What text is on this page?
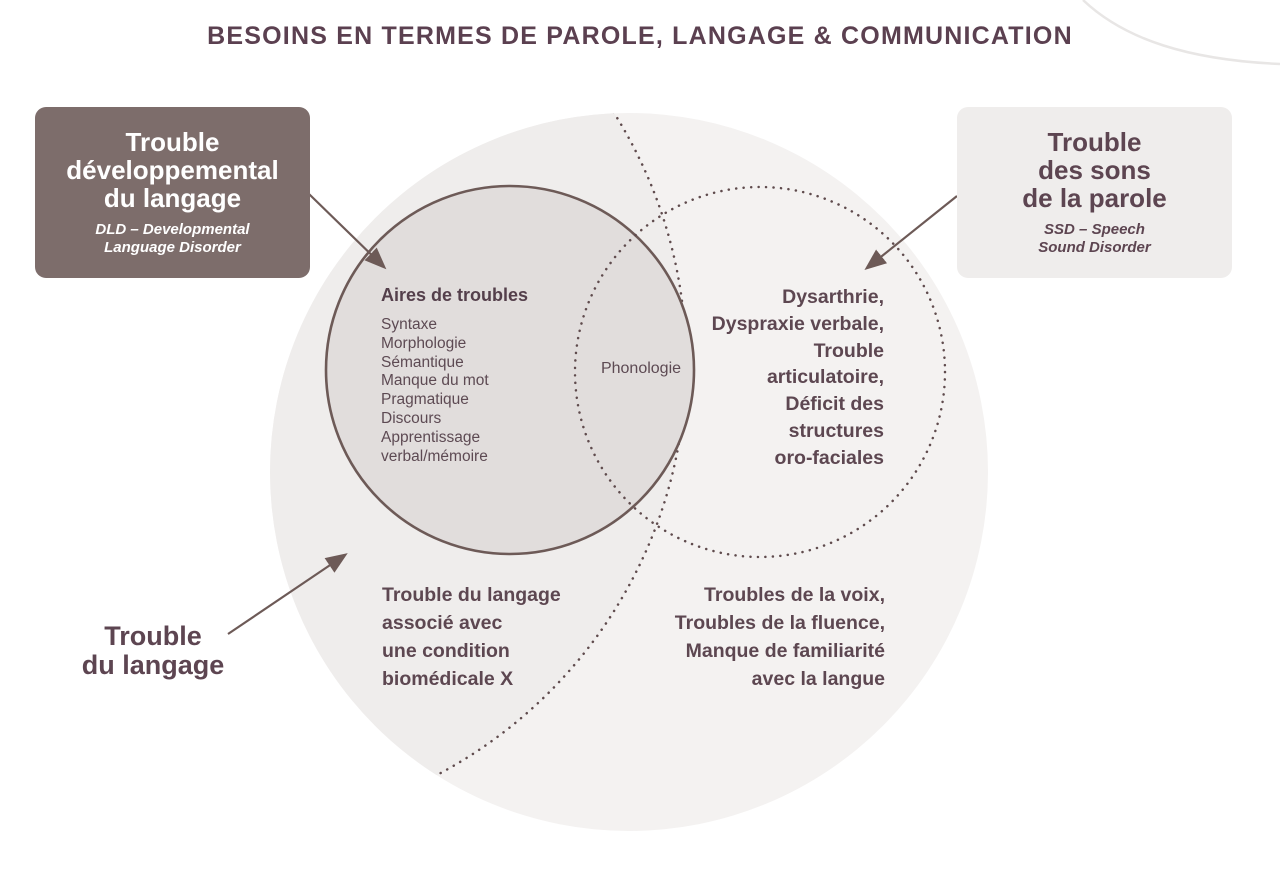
BESOINS EN TERMES DE PAROLE, LANGAGE & COMMUNICATION
Trouble
développemental
du langage
DLD – Developmental
Language Disorder
Trouble
des sons
de la parole
SSD – Speech
Sound Disorder
Aires de troubles
Syntaxe
Morphologie
Sémantique
Manque du mot
Pragmatique
Discours
Apprentissage
verbal/mémoire
Phonologie
Dysarthrie,
Dyspraxie verbale,
Trouble
articulatoire,
Déficit des
structures
oro-faciales
Trouble du langage
associé avec
une condition
biomédicale X
Troubles de la voix,
Troubles de la fluence,
Manque de familiarité
avec la langue
Trouble
du langage
